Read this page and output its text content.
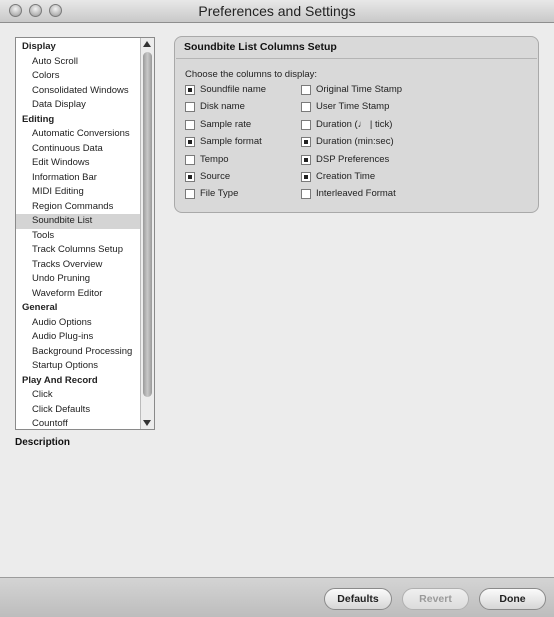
Preferences and Settings
Display
Auto Scroll
Colors
Consolidated Windows
Data Display
Editing
Automatic Conversions
Continuous Data
Edit Windows
Information Bar
MIDI Editing
Region Commands
Soundbite List
Tools
Track Columns Setup
Tracks Overview
Undo Pruning
Waveform Editor
General
Audio Options
Audio Plug-ins
Background Processing
Startup Options
Play And Record
Click
Click Defaults
Countoff
Description
Soundbite List Columns Setup
Choose the columns to display:
Soundfile name
Disk name
Sample rate
Sample format
Tempo
Source
File Type
Original Time Stamp
User Time Stamp
Duration (♩ | tick)
Duration (min:sec)
DSP Preferences
Creation Time
Interleaved Format
Defaults	Revert	Done
